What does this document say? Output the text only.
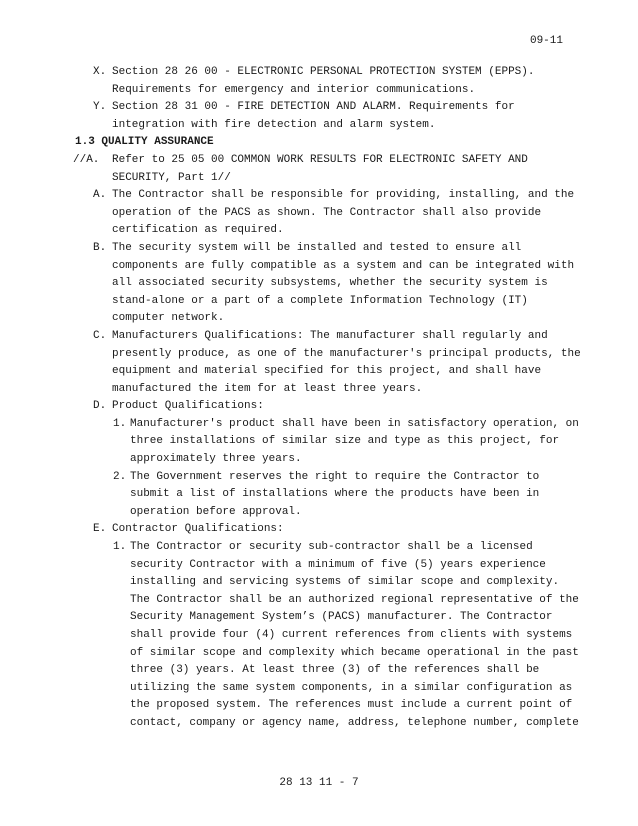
09-11
X. Section 28 26 00 - ELECTRONIC PERSONAL PROTECTION SYSTEM (EPPS).
Requirements for emergency and interior communications.
Y. Section 28 31 00 - FIRE DETECTION AND ALARM. Requirements for
integration with fire detection and alarm system.
1.3 QUALITY ASSURANCE
//A. Refer to 25 05 00 COMMON WORK RESULTS FOR ELECTRONIC SAFETY AND
SECURITY, Part 1//
A. The Contractor shall be responsible for providing, installing, and the
operation of the PACS as shown. The Contractor shall also provide
certification as required.
B. The security system will be installed and tested to ensure all
components are fully compatible as a system and can be integrated with
all associated security subsystems, whether the security system is
stand-alone or a part of a complete Information Technology (IT)
computer network.
C. Manufacturers Qualifications: The manufacturer shall regularly and
presently produce, as one of the manufacturer's principal products, the
equipment and material specified for this project, and shall have
manufactured the item for at least three years.
D. Product Qualifications:
1. Manufacturer's product shall have been in satisfactory operation, on
three installations of similar size and type as this project, for
approximately three years.
2. The Government reserves the right to require the Contractor to
submit a list of installations where the products have been in
operation before approval.
E. Contractor Qualifications:
1. The Contractor or security sub-contractor shall be a licensed
security Contractor with a minimum of five (5) years experience
installing and servicing systems of similar scope and complexity.
The Contractor shall be an authorized regional representative of the
Security Management System’s (PACS) manufacturer. The Contractor
shall provide four (4) current references from clients with systems
of similar scope and complexity which became operational in the past
three (3) years. At least three (3) of the references shall be
utilizing the same system components, in a similar configuration as
the proposed system. The references must include a current point of
contact, company or agency name, address, telephone number, complete
28 13 11 - 7
